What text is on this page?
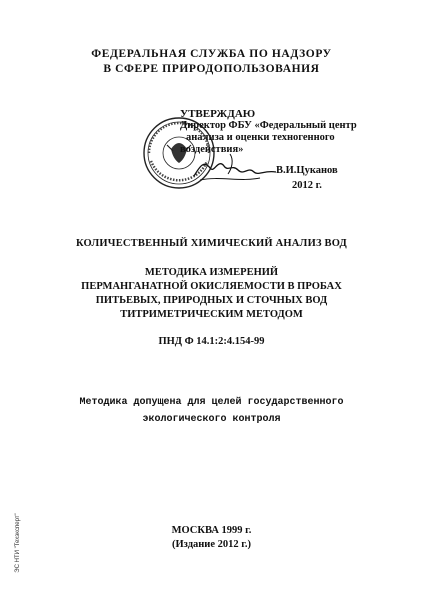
ФЕДЕРАЛЬНАЯ СЛУЖБА ПО НАДЗОРУ
В СФЕРЕ ПРИРОДОПОЛЬЗОВАНИЯ
УТВЕРЖДАЮ
Директор ФБУ «Федеральный центр
анализа и оценки техногенного
воздействия»
В.И.Цуканов
2012 г.
КОЛИЧЕСТВЕННЫЙ ХИМИЧЕСКИЙ АНАЛИЗ ВОД
МЕТОДИКА ИЗМЕРЕНИЙ
ПЕРМАНГАНАТНОЙ ОКИСЛЯЕМОСТИ В ПРОБАХ
ПИТЬЕВЫХ, ПРИРОДНЫХ И СТОЧНЫХ ВОД
ТИТРИМЕТРИЧЕСКИМ МЕТОДОМ
ПНД Ф 14.1:2:4.154-99
Методика допущена для целей государственного
экологического контроля
МОСКВА 1999 г.
(Издание 2012 г.)
ЭС НТИ "Техэксперт"
